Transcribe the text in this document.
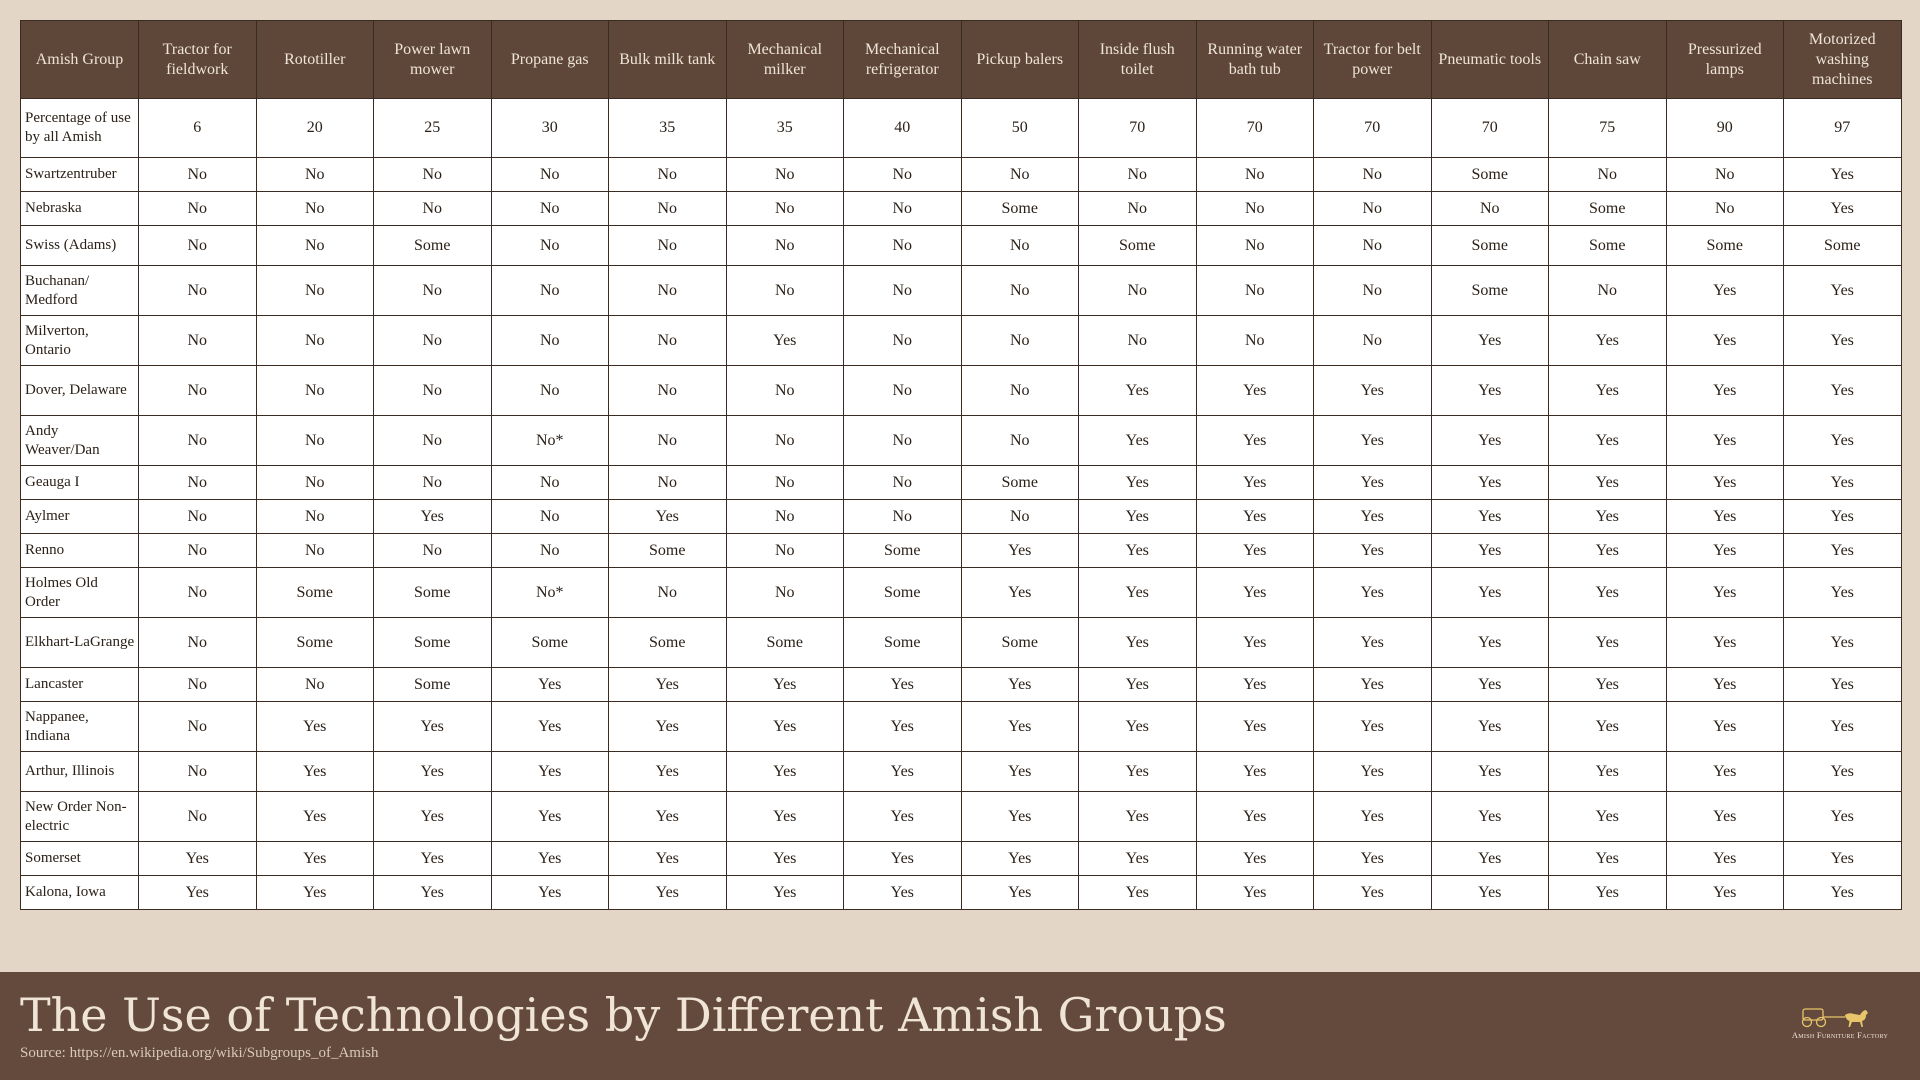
Amish Group	Tractor for fieldwork	Rototiller	Power lawn mower	Propane gas	Bulk milk tank	Mechanical milker	Mechanical refrigerator	Pickup balers	Inside flush toilet	Running water bath tub	Tractor for belt power	Pneumatic tools	Chain saw	Pressurized lamps	Motorized washing machines
Percentage of use by all Amish	6	20	25	30	35	35	40	50	70	70	70	70	75	90	97
Swartzentruber	No	No	No	No	No	No	No	No	No	No	No	Some	No	No	Yes
Nebraska	No	No	No	No	No	No	No	Some	No	No	No	No	Some	No	Yes
Swiss (Adams)	No	No	Some	No	No	No	No	No	Some	No	No	Some	Some	Some	Some
Buchanan/ Medford	No	No	No	No	No	No	No	No	No	No	No	Some	No	Yes	Yes
Milverton, Ontario	No	No	No	No	No	Yes	No	No	No	No	No	Yes	Yes	Yes	Yes
Dover, Delaware	No	No	No	No	No	No	No	No	Yes	Yes	Yes	Yes	Yes	Yes	Yes
Andy Weaver/Dan	No	No	No	No*	No	No	No	No	Yes	Yes	Yes	Yes	Yes	Yes	Yes
Geauga I	No	No	No	No	No	No	No	Some	Yes	Yes	Yes	Yes	Yes	Yes	Yes
Aylmer	No	No	Yes	No	Yes	No	No	No	Yes	Yes	Yes	Yes	Yes	Yes	Yes
Renno	No	No	No	No	Some	No	Some	Yes	Yes	Yes	Yes	Yes	Yes	Yes	Yes
Holmes Old Order	No	Some	Some	No*	No	No	Some	Yes	Yes	Yes	Yes	Yes	Yes	Yes	Yes
Elkhart-LaGrange	No	Some	Some	Some	Some	Some	Some	Some	Yes	Yes	Yes	Yes	Yes	Yes	Yes
Lancaster	No	No	Some	Yes	Yes	Yes	Yes	Yes	Yes	Yes	Yes	Yes	Yes	Yes	Yes
Nappanee, Indiana	No	Yes	Yes	Yes	Yes	Yes	Yes	Yes	Yes	Yes	Yes	Yes	Yes	Yes	Yes
Arthur, Illinois	No	Yes	Yes	Yes	Yes	Yes	Yes	Yes	Yes	Yes	Yes	Yes	Yes	Yes	Yes
New Order Non-electric	No	Yes	Yes	Yes	Yes	Yes	Yes	Yes	Yes	Yes	Yes	Yes	Yes	Yes	Yes
Somerset	Yes	Yes	Yes	Yes	Yes	Yes	Yes	Yes	Yes	Yes	Yes	Yes	Yes	Yes	Yes
Kalona, Iowa	Yes	Yes	Yes	Yes	Yes	Yes	Yes	Yes	Yes	Yes	Yes	Yes	Yes	Yes	Yes
The Use of Technologies by Different Amish Groups
Source: https://en.wikipedia.org/wiki/Subgroups_of_Amish
Amish Furniture Factory
